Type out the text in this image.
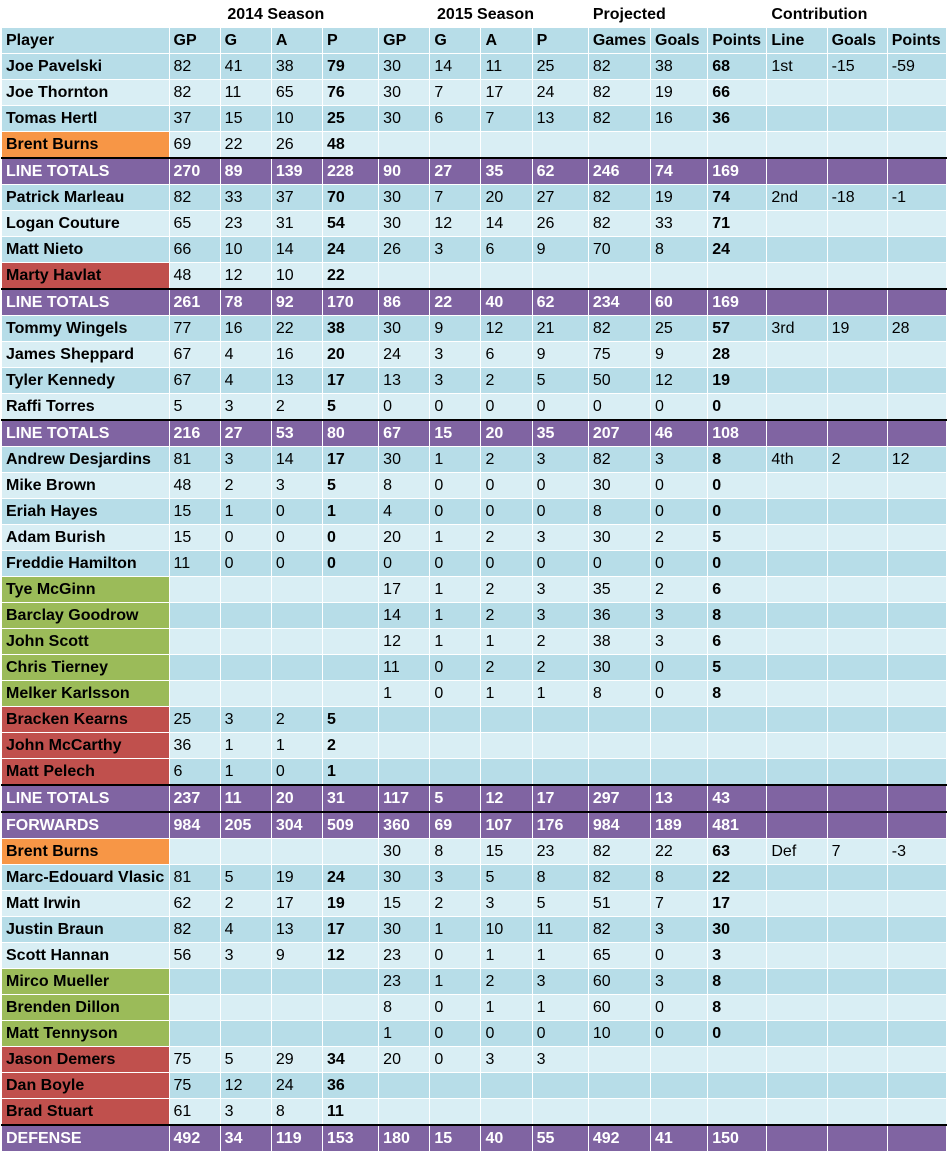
	2014 Season				2015 Season				Projected			Contribution		
Player	GP	G	A	P	GP	G	A	P	Games	Goals	Points	Line	Goals	Points
Joe Pavelski	82	41	38	79	30	14	11	25	82	38	68	1st	-15	-59
Joe Thornton	82	11	65	76	30	7	17	24	82	19	66			
Tomas Hertl	37	15	10	25	30	6	7	13	82	16	36			
Brent Burns	69	22	26	48										
LINE TOTALS	270	89	139	228	90	27	35	62	246	74	169			
Patrick Marleau	82	33	37	70	30	7	20	27	82	19	74	2nd	-18	-1
Logan Couture	65	23	31	54	30	12	14	26	82	33	71			
Matt Nieto	66	10	14	24	26	3	6	9	70	8	24			
Marty Havlat	48	12	10	22										
LINE TOTALS	261	78	92	170	86	22	40	62	234	60	169			
Tommy Wingels	77	16	22	38	30	9	12	21	82	25	57	3rd	19	28
James Sheppard	67	4	16	20	24	3	6	9	75	9	28			
Tyler Kennedy	67	4	13	17	13	3	2	5	50	12	19			
Raffi Torres	5	3	2	5	0	0	0	0	0	0	0			
LINE TOTALS	216	27	53	80	67	15	20	35	207	46	108			
Andrew Desjardins	81	3	14	17	30	1	2	3	82	3	8	4th	2	12
Mike Brown	48	2	3	5	8	0	0	0	30	0	0			
Eriah Hayes	15	1	0	1	4	0	0	0	8	0	0			
Adam Burish	15	0	0	0	20	1	2	3	30	2	5			
Freddie Hamilton	11	0	0	0	0	0	0	0	0	0	0			
Tye McGinn					17	1	2	3	35	2	6			
Barclay Goodrow					14	1	2	3	36	3	8			
John Scott					12	1	1	2	38	3	6			
Chris Tierney					11	0	2	2	30	0	5			
Melker Karlsson					1	0	1	1	8	0	8			
Bracken Kearns	25	3	2	5										
John McCarthy	36	1	1	2										
Matt Pelech	6	1	0	1										
LINE TOTALS	237	11	20	31	117	5	12	17	297	13	43			
FORWARDS	984	205	304	509	360	69	107	176	984	189	481			
Brent Burns					30	8	15	23	82	22	63	Def	7	-3
Marc-Edouard Vlasic	81	5	19	24	30	3	5	8	82	8	22			
Matt Irwin	62	2	17	19	15	2	3	5	51	7	17			
Justin Braun	82	4	13	17	30	1	10	11	82	3	30			
Scott Hannan	56	3	9	12	23	0	1	1	65	0	3			
Mirco Mueller					23	1	2	3	60	3	8			
Brenden Dillon					8	0	1	1	60	0	8			
Matt Tennyson					1	0	0	0	10	0	0			
Jason Demers	75	5	29	34	20	0	3	3						
Dan Boyle	75	12	24	36										
Brad Stuart	61	3	8	11										
DEFENSE	492	34	119	153	180	15	40	55	492	41	150			
